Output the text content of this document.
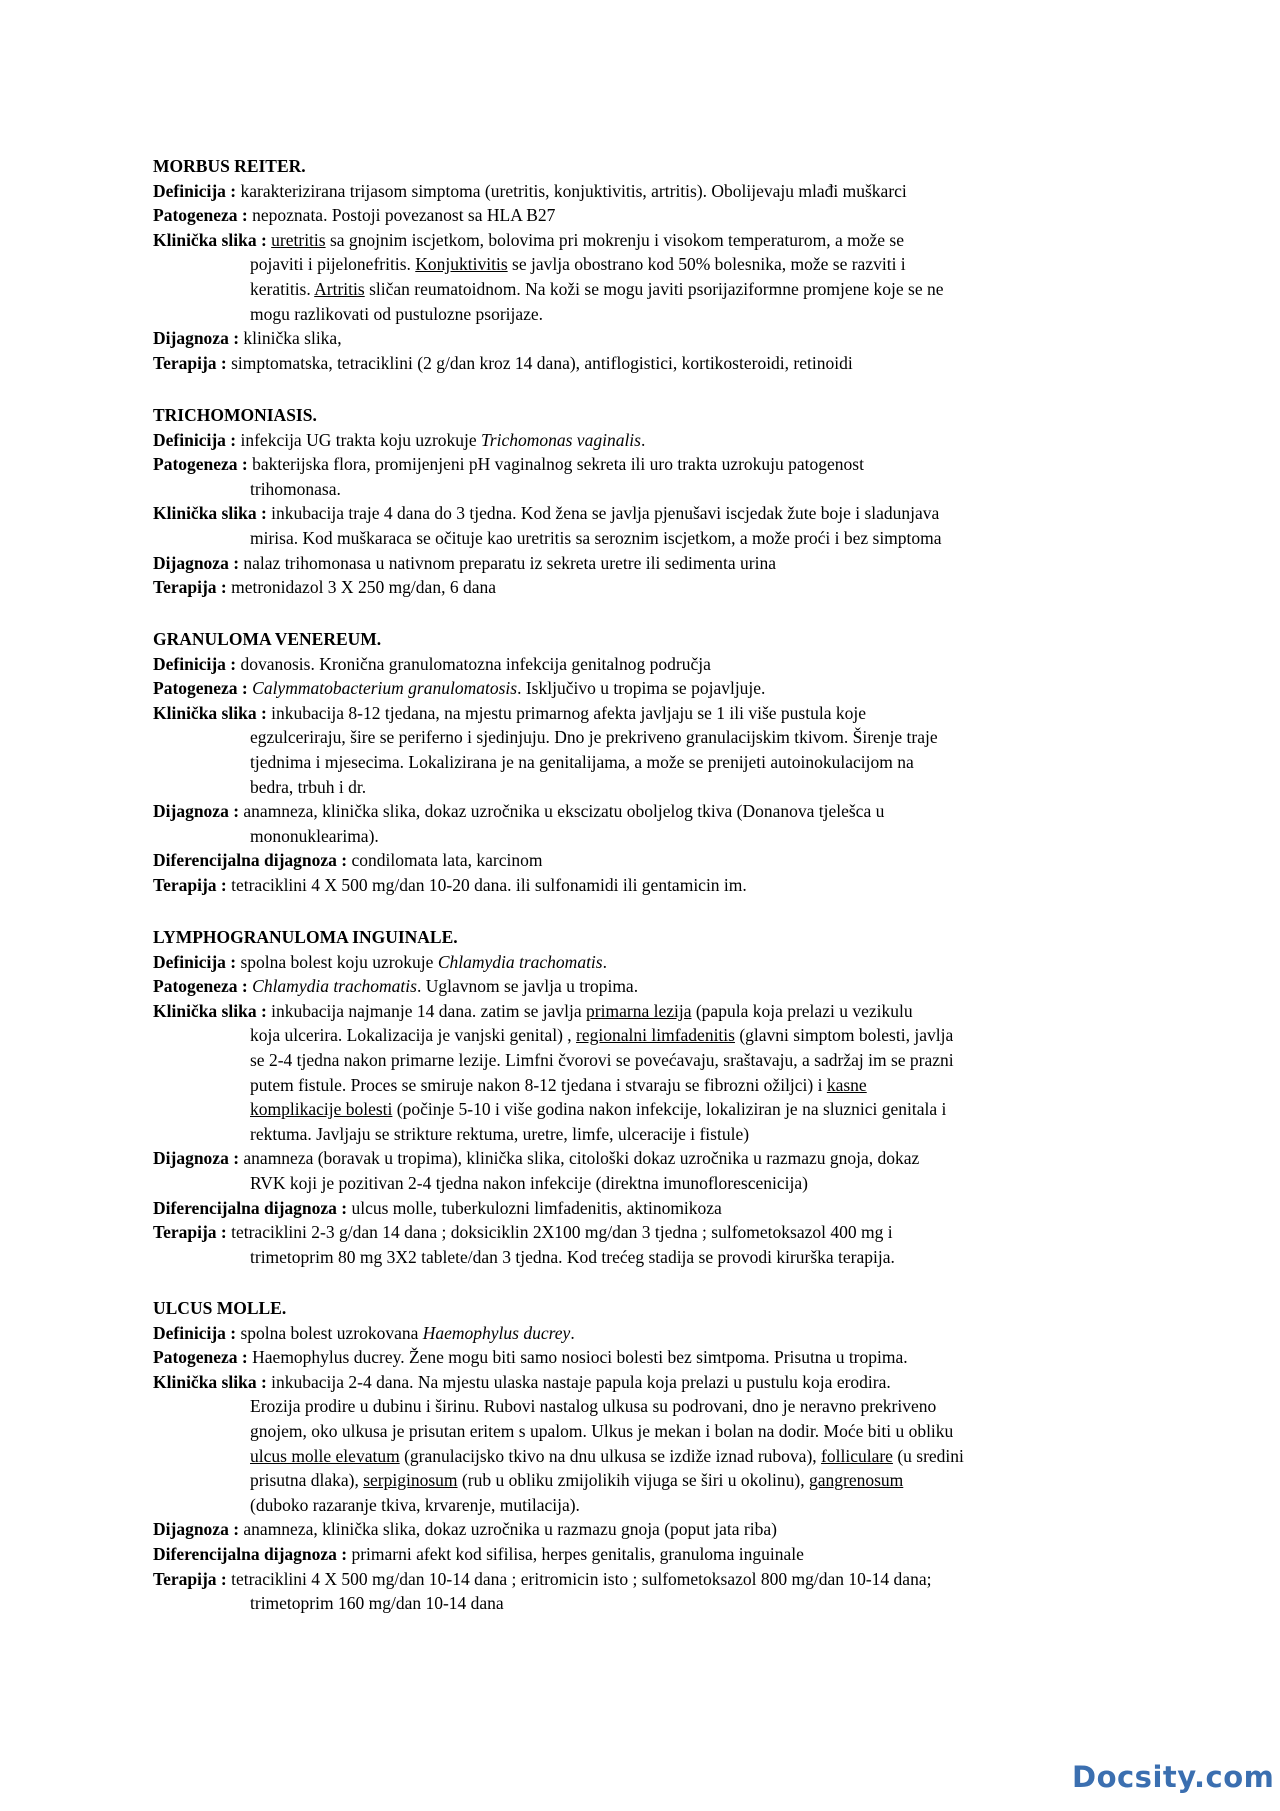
MORBUS REITER.
Definicija : karakterizirana trijasom simptoma (uretritis, konjuktivitis, artritis). Obolijevaju mlađi muškarci
Patogeneza : nepoznata. Postoji povezanost sa HLA B27
Klinička slika : uretritis sa gnojnim iscjetkom, bolovima pri mokrenju i visokom temperaturom, a može se
pojaviti i pijelonefritis. Konjuktivitis se javlja obostrano kod 50% bolesnika, može se razviti i
keratitis. Artritis sličan reumatoidnom. Na koži se mogu javiti psorijaziformne promjene koje se ne
mogu razlikovati od pustulozne psorijaze.
Dijagnoza : klinička slika,
Terapija : simptomatska, tetraciklini (2 g/dan kroz 14 dana), antiflogistici, kortikosteroidi, retinoidi
TRICHOMONIASIS.
Definicija : infekcija UG trakta koju uzrokuje Trichomonas vaginalis.
Patogeneza : bakterijska flora, promijenjeni pH vaginalnog sekreta ili uro trakta uzrokuju patogenost
trihomonasa.
Klinička slika : inkubacija traje 4 dana do 3 tjedna. Kod žena se javlja pjenušavi iscjedak žute boje i sladunjava
mirisa. Kod muškaraca se očituje kao uretritis sa seroznim iscjetkom, a može proći i bez simptoma
Dijagnoza : nalaz trihomonasa u nativnom preparatu iz sekreta uretre ili sedimenta urina
Terapija : metronidazol 3 X 250 mg/dan, 6 dana
GRANULOMA VENEREUM.
Definicija : dovanosis. Kronična granulomatozna infekcija genitalnog područja
Patogeneza : Calymmatobacterium granulomatosis. Isključivo u tropima se pojavljuje.
Klinička slika : inkubacija 8-12 tjedana, na mjestu primarnog afekta javljaju se 1 ili više pustula koje
egzulceriraju, šire se periferno i sjedinjuju. Dno je prekriveno granulacijskim tkivom. Širenje traje
tjednima i mjesecima. Lokalizirana je na genitalijama, a može se prenijeti autoinokulacijom na
bedra, trbuh i dr.
Dijagnoza : anamneza, klinička slika, dokaz uzročnika u ekscizatu oboljelog tkiva (Donanova tjelešca u
mononuklearima).
Diferencijalna dijagnoza : condilomata lata, karcinom
Terapija : tetraciklini 4 X 500 mg/dan 10-20 dana. ili sulfonamidi ili gentamicin im.
LYMPHOGRANULOMA INGUINALE.
Definicija : spolna bolest koju uzrokuje Chlamydia trachomatis.
Patogeneza : Chlamydia trachomatis. Uglavnom se javlja u tropima.
Klinička slika : inkubacija najmanje 14 dana. zatim se javlja primarna lezija (papula koja prelazi u vezikulu
koja ulcerira. Lokalizacija je vanjski genital) , regionalni limfadenitis (glavni simptom bolesti, javlja
se 2-4 tjedna nakon primarne lezije. Limfni čvorovi se povećavaju, sraštavaju, a sadržaj im se prazni
putem fistule. Proces se smiruje nakon 8-12 tjedana i stvaraju se fibrozni ožiljci) i kasne
komplikacije bolesti (počinje 5-10 i više godina nakon infekcije, lokaliziran je na sluznici genitala i
rektuma. Javljaju se strikture rektuma, uretre, limfe, ulceracije i fistule)
Dijagnoza : anamneza (boravak u tropima), klinička slika, citološki dokaz uzročnika u razmazu gnoja, dokaz
RVK koji je pozitivan 2-4 tjedna nakon infekcije (direktna imunoflorescenicija)
Diferencijalna dijagnoza : ulcus molle, tuberkulozni limfadenitis, aktinomikoza
Terapija : tetraciklini 2-3 g/dan 14 dana ; doksiciklin 2X100 mg/dan 3 tjedna ; sulfometoksazol 400 mg i
trimetoprim 80 mg 3X2 tablete/dan 3 tjedna. Kod trećeg stadija se provodi kirurška terapija.
ULCUS MOLLE.
Definicija : spolna bolest uzrokovana Haemophylus ducrey.
Patogeneza : Haemophylus ducrey. Žene mogu biti samo nosioci bolesti bez simtpoma. Prisutna u tropima.
Klinička slika : inkubacija 2-4 dana. Na mjestu ulaska nastaje papula koja prelazi u pustulu koja erodira.
Erozija prodire u dubinu i širinu. Rubovi nastalog ulkusa su podrovani, dno je neravno prekriveno
gnojem, oko ulkusa je prisutan eritem s upalom. Ulkus je mekan i bolan na dodir. Moće biti u obliku
ulcus molle elevatum (granulacijsko tkivo na dnu ulkusa se izdiže iznad rubova), folliculare (u sredini
prisutna dlaka), serpiginosum (rub u obliku zmijolikih vijuga se širi u okolinu), gangrenosum
(duboko razaranje tkiva, krvarenje, mutilacija).
Dijagnoza : anamneza, klinička slika, dokaz uzročnika u razmazu gnoja (poput jata riba)
Diferencijalna dijagnoza : primarni afekt kod sifilisa, herpes genitalis, granuloma inguinale
Terapija : tetraciklini 4 X 500 mg/dan 10-14 dana ; eritromicin isto ; sulfometoksazol 800 mg/dan 10-14 dana;
trimetoprim 160 mg/dan 10-14 dana
Docsity.com
